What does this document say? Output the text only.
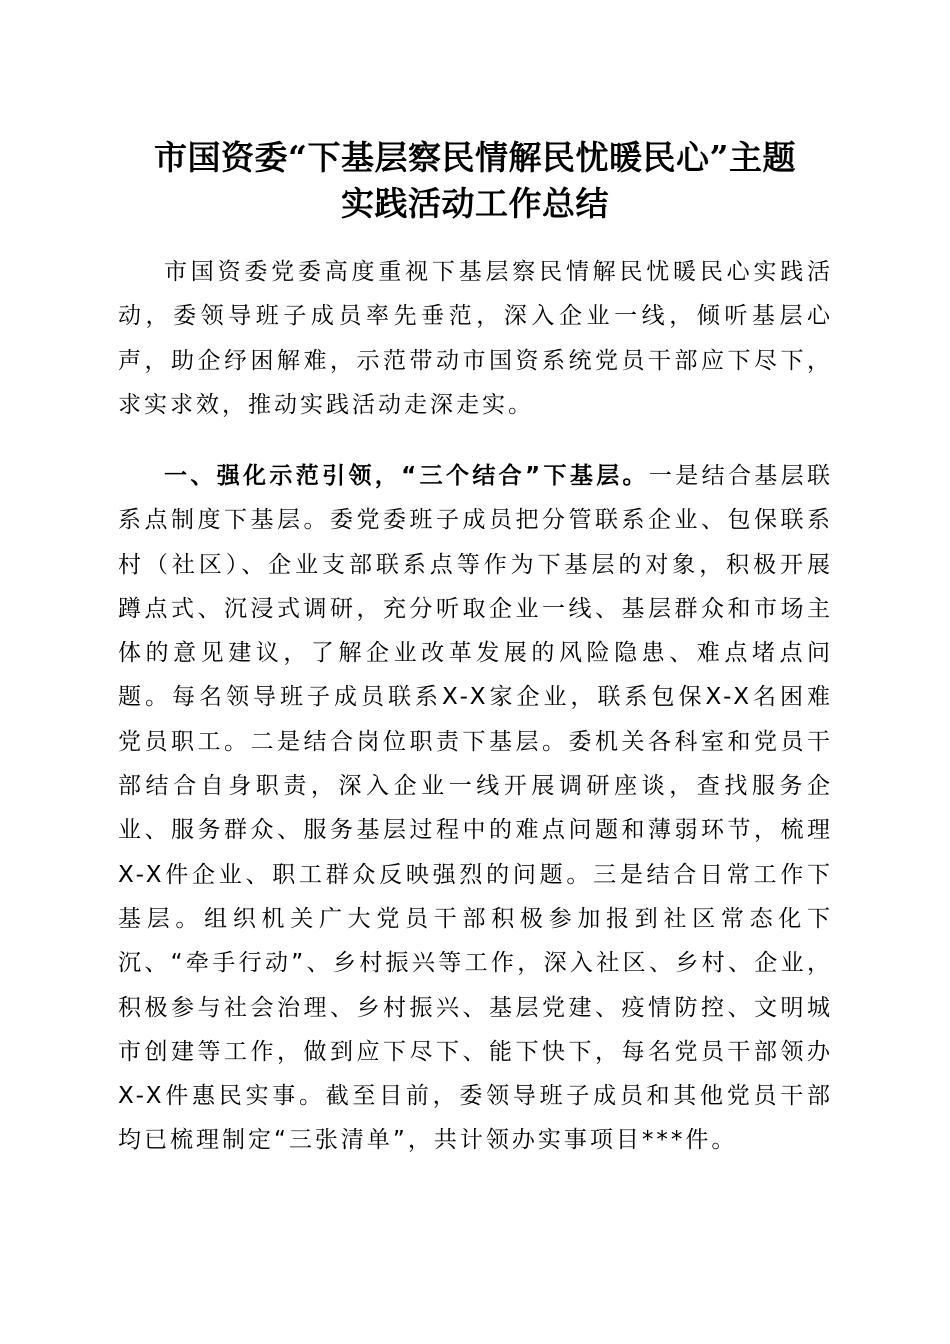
市国资委“下基层察民情解民忧暖民心”主题
实践活动工作总结

市国资委党委高度重视下基层察民情解民忧暖民心实践活动，委领导班子成员率先垂范，深入企业一线，倾听基层心声，助企纾困解难，示范带动市国资系统党员干部应下尽下，求实求效，推动实践活动走深走实。

一、强化示范引领，“三个结合”下基层。一是结合基层联系点制度下基层。委党委班子成员把分管联系企业、包保联系村（社区）、企业支部联系点等作为下基层的对象，积极开展蹲点式、沉浸式调研，充分听取企业一线、基层群众和市场主体的意见建议，了解企业改革发展的风险隐患、难点堵点问题。每名领导班子成员联系X-X家企业，联系包保X-X名困难党员职工。二是结合岗位职责下基层。委机关各科室和党员干部结合自身职责，深入企业一线开展调研座谈，查找服务企业、服务群众、服务基层过程中的难点问题和薄弱环节，梳理X-X件企业、职工群众反映强烈的问题。三是结合日常工作下基层。组织机关广大党员干部积极参加报到社区常态化下沉、“牵手行动”、乡村振兴等工作，深入社区、乡村、企业，积极参与社会治理、乡村振兴、基层党建、疫情防控、文明城市创建等工作，做到应下尽下、能下快下，每名党员干部领办X-X件惠民实事。截至目前，委领导班子成员和其他党员干部均已梳理制定“三张清单”，共计领办实事项目***件。
